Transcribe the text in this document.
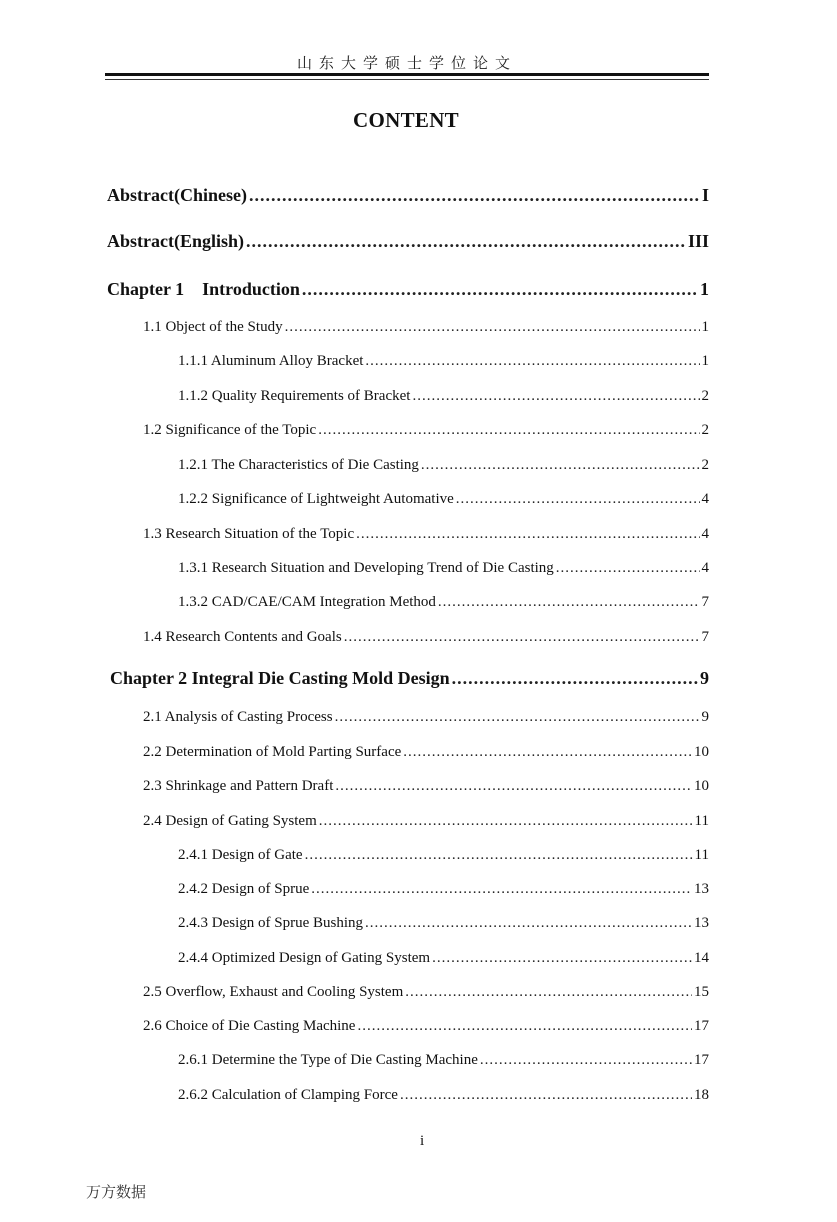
山东大学硕士学位论文
CONTENT
Abstract(Chinese) .....	I
Abstract(English) .....	III
Chapter 1    Introduction .....	1
1.1 Object of the Study .....	1
1.1.1 Aluminum Alloy Bracket .....	1
1.1.2 Quality Requirements of Bracket .....	2
1.2 Significance of the Topic .....	2
1.2.1 The Characteristics of Die Casting .....	2
1.2.2 Significance of Lightweight Automative .....	4
1.3 Research Situation of the Topic .....	4
1.3.1 Research Situation and Developing Trend of Die Casting .....	4
1.3.2 CAD/CAE/CAM Integration Method .....	7
1.4 Research Contents and Goals .....	7
Chapter 2 Integral Die Casting Mold Design .....	9
2.1 Analysis of Casting Process .....	9
2.2 Determination of Mold Parting Surface .....	10
2.3 Shrinkage and Pattern Draft .....	10
2.4 Design of Gating System .....	11
2.4.1 Design of Gate .....	11
2.4.2 Design of Sprue .....	13
2.4.3 Design of Sprue Bushing .....	13
2.4.4 Optimized Design of Gating System .....	14
2.5 Overflow, Exhaust and Cooling System .....	15
2.6 Choice of Die Casting Machine .....	17
2.6.1 Determine the Type of Die Casting Machine .....	17
2.6.2 Calculation of Clamping Force .....	18
i
万方数据
